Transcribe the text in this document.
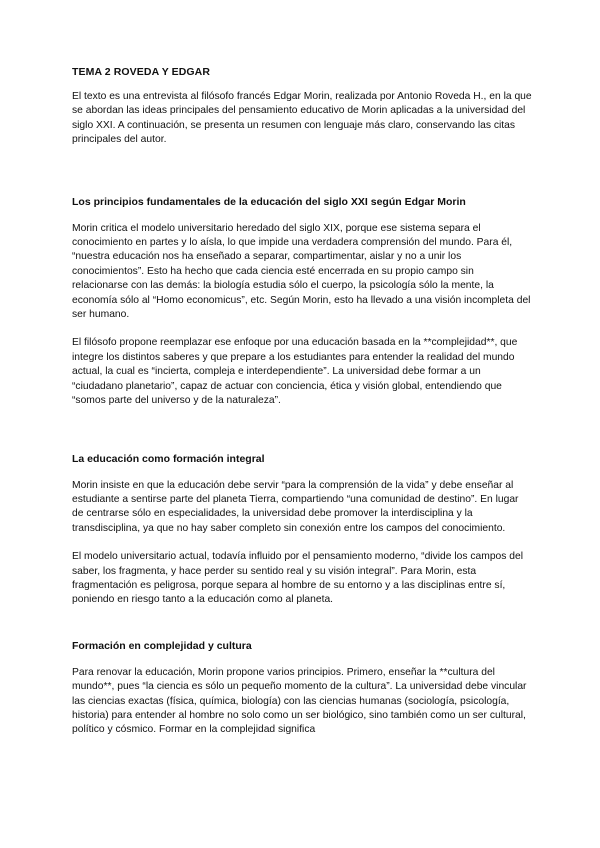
TEMA 2 ROVEDA Y EDGAR

El texto es una entrevista al filósofo francés Edgar Morin, realizada por Antonio Roveda H., en la que se abordan las ideas principales del pensamiento educativo de Morin aplicadas a la universidad del siglo XXI. A continuación, se presenta un resumen con lenguaje más claro, conservando las citas principales del autor.

Los principios fundamentales de la educación del siglo XXI según Edgar Morin

Morin critica el modelo universitario heredado del siglo XIX, porque ese sistema separa el conocimiento en partes y lo aísla, lo que impide una verdadera comprensión del mundo. Para él, “nuestra educación nos ha enseñado a separar, compartimentar, aislar y no a unir los conocimientos”. Esto ha hecho que cada ciencia esté encerrada en su propio campo sin relacionarse con las demás: la biología estudia sólo el cuerpo, la psicología sólo la mente, la economía sólo al “Homo economicus”, etc. Según Morin, esto ha llevado a una visión incompleta del ser humano.

El filósofo propone reemplazar ese enfoque por una educación basada en la **complejidad**, que integre los distintos saberes y que prepare a los estudiantes para entender la realidad del mundo actual, la cual es “incierta, compleja e interdependiente”. La universidad debe formar a un “ciudadano planetario”, capaz de actuar con conciencia, ética y visión global, entendiendo que “somos parte del universo y de la naturaleza”.

La educación como formación integral

Morin insiste en que la educación debe servir “para la comprensión de la vida” y debe enseñar al estudiante a sentirse parte del planeta Tierra, compartiendo “una comunidad de destino”. En lugar de centrarse sólo en especialidades, la universidad debe promover la interdisciplina y la transdisciplina, ya que no hay saber completo sin conexión entre los campos del conocimiento.

El modelo universitario actual, todavía influido por el pensamiento moderno, “divide los campos del saber, los fragmenta, y hace perder su sentido real y su visión integral”. Para Morin, esta fragmentación es peligrosa, porque separa al hombre de su entorno y a las disciplinas entre sí, poniendo en riesgo tanto a la educación como al planeta.

Formación en complejidad y cultura

Para renovar la educación, Morin propone varios principios. Primero, enseñar la **cultura del mundo**, pues “la ciencia es sólo un pequeño momento de la cultura”. La universidad debe vincular las ciencias exactas (física, química, biología) con las ciencias humanas (sociología, psicología, historia) para entender al hombre no solo como un ser biológico, sino también como un ser cultural, político y cósmico. Formar en la complejidad significa
